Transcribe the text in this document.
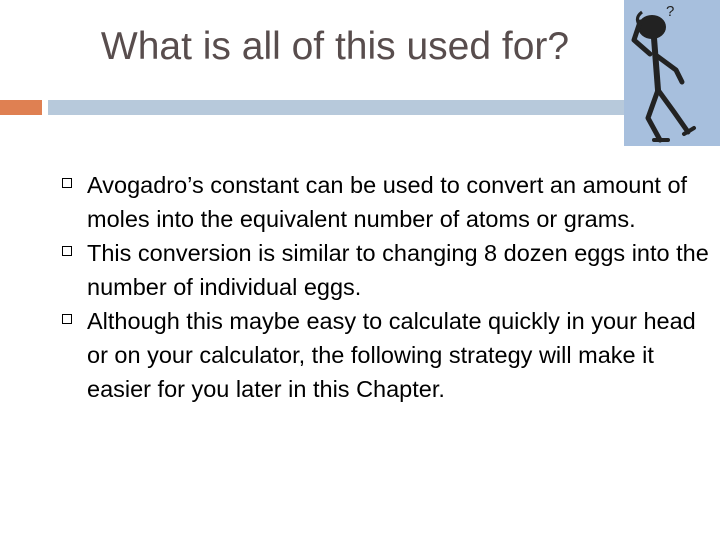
What is all of this used for?
?
Avogadro’s constant can be used to convert an amount of moles into the equivalent number of atoms or grams.
This conversion is similar to changing 8 dozen eggs into the number of individual eggs.
Although this maybe easy to calculate quickly in your head or on your calculator, the following strategy will make it easier for you later in this Chapter.
